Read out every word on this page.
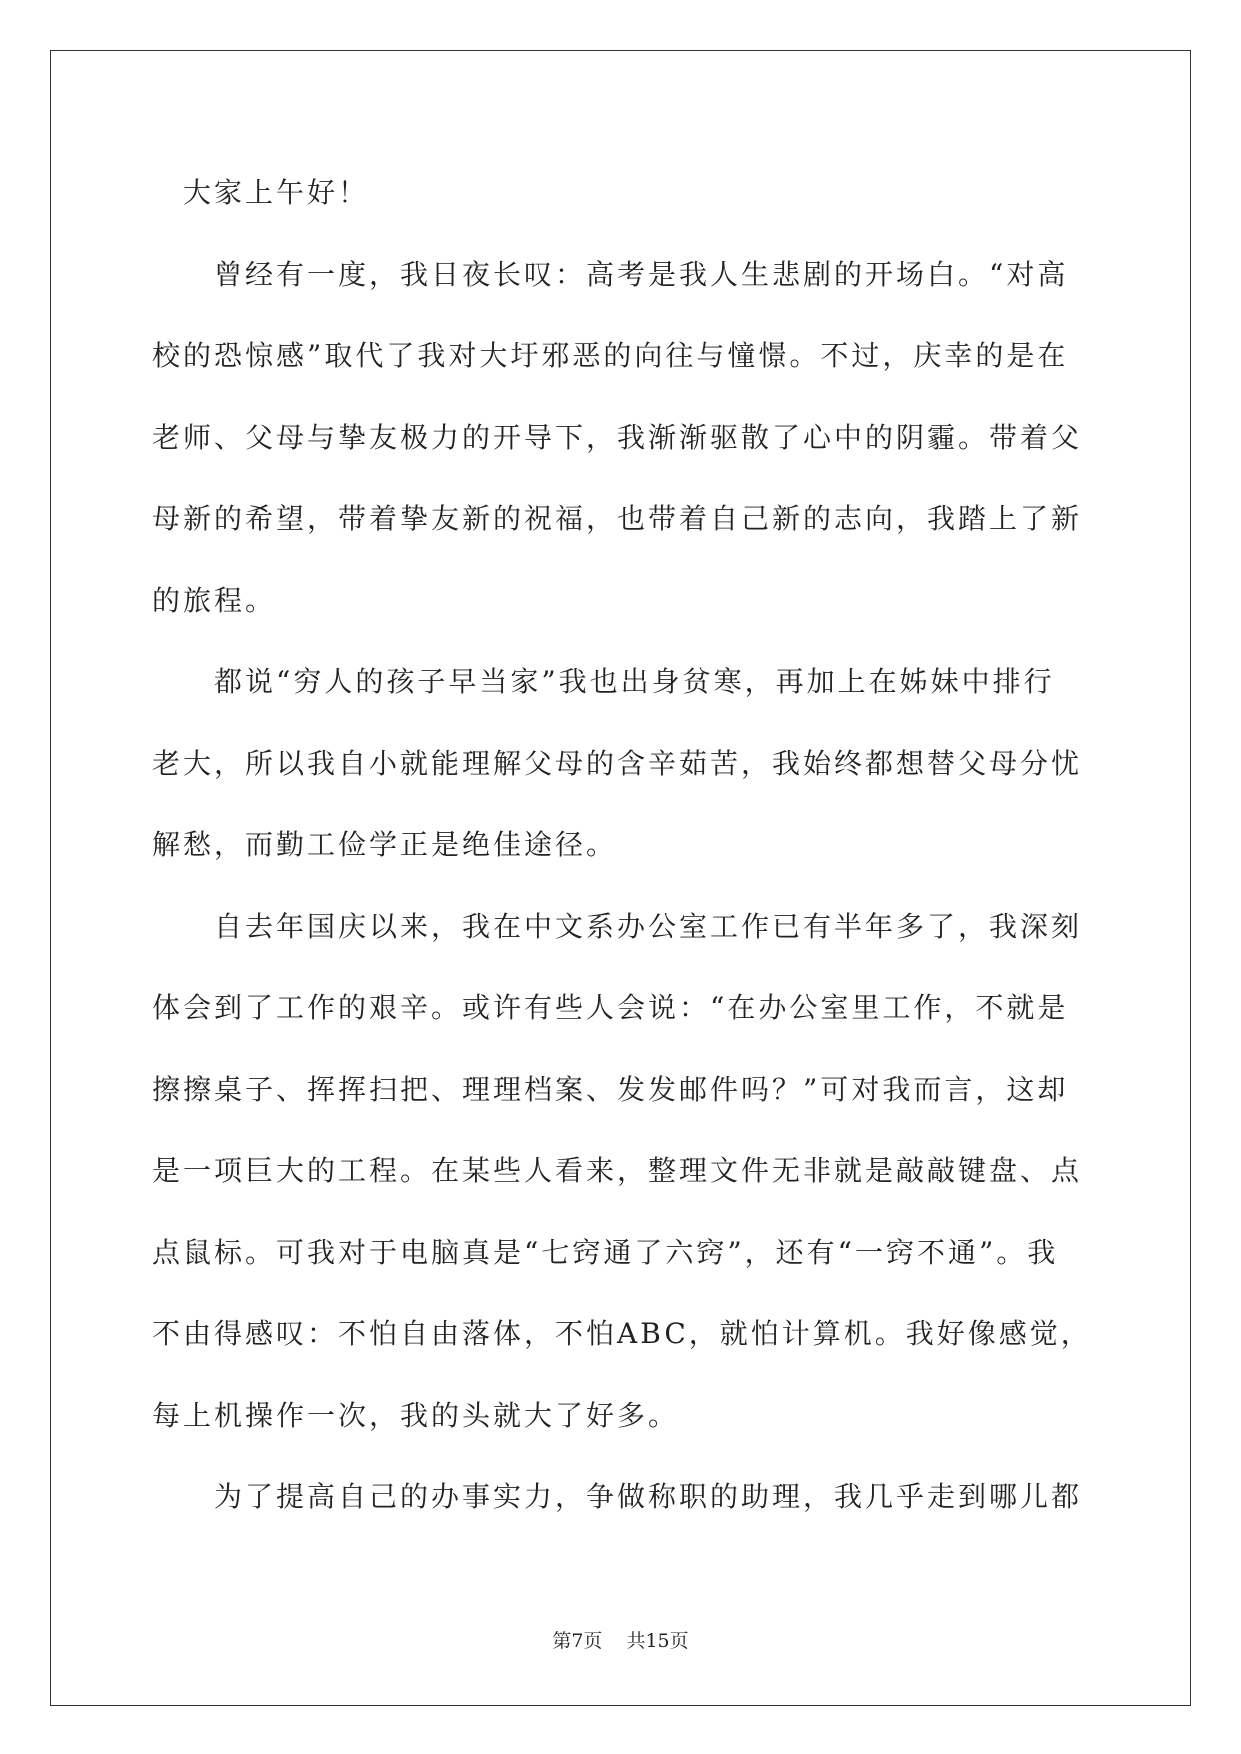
大家上午好！
曾经有一度，我日夜长叹：高考是我人生悲剧的开场白。“对高
校的恐惊感”取代了我对大圩邪恶的向往与憧憬。不过，庆幸的是在
老师、父母与挚友极力的开导下，我渐渐驱散了心中的阴霾。带着父
母新的希望，带着挚友新的祝福，也带着自己新的志向，我踏上了新
的旅程。
都说“穷人的孩子早当家”我也出身贫寒，再加上在姊妹中排行
老大，所以我自小就能理解父母的含辛茹苦，我始终都想替父母分忧
解愁，而勤工俭学正是绝佳途径。
自去年国庆以来，我在中文系办公室工作已有半年多了，我深刻
体会到了工作的艰辛。或许有些人会说：“在办公室里工作，不就是
擦擦桌子、挥挥扫把、理理档案、发发邮件吗？”可对我而言，这却
是一项巨大的工程。在某些人看来，整理文件无非就是敲敲键盘、点
点鼠标。可我对于电脑真是“七窍通了六窍”，还有“一窍不通”。我
不由得感叹：不怕自由落体，不怕ABC，就怕计算机。我好像感觉，
每上机操作一次，我的头就大了好多。
为了提高自己的办事实力，争做称职的助理，我几乎走到哪儿都
第7页 共15页
